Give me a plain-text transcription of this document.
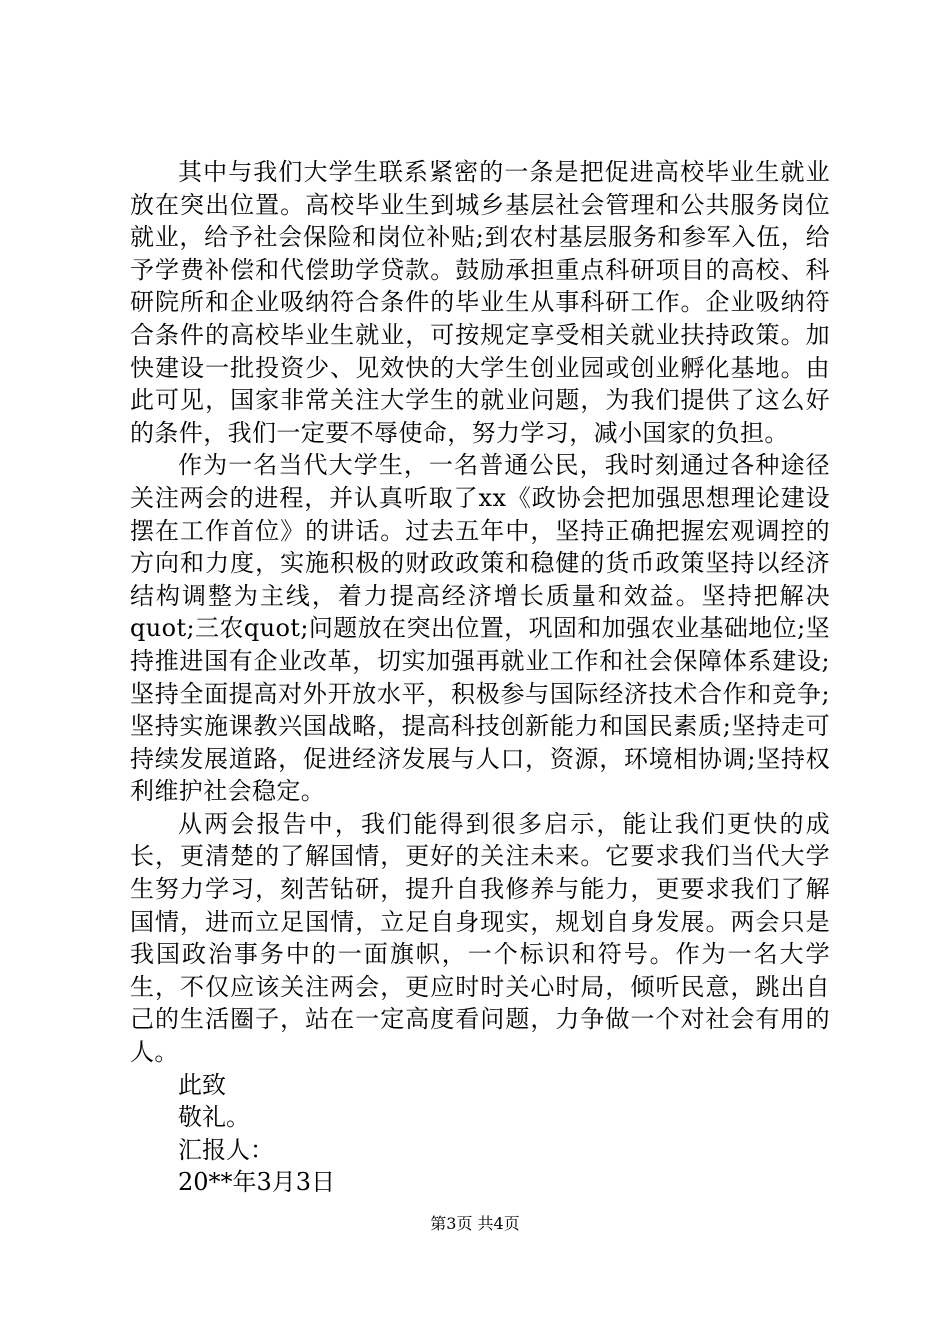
其中与我们大学生联系紧密的一条是把促进高校毕业生就业放在突出位置。高校毕业生到城乡基层社会管理和公共服务岗位就业，给予社会保险和岗位补贴;到农村基层服务和参军入伍，给予学费补偿和代偿助学贷款。鼓励承担重点科研项目的高校、科研院所和企业吸纳符合条件的毕业生从事科研工作。企业吸纳符合条件的高校毕业生就业，可按规定享受相关就业扶持政策。加快建设一批投资少、见效快的大学生创业园或创业孵化基地。由此可见，国家非常关注大学生的就业问题，为我们提供了这么好的条件，我们一定要不辱使命，努力学习，减小国家的负担。

作为一名当代大学生，一名普通公民，我时刻通过各种途径关注两会的进程，并认真听取了xx《政协会把加强思想理论建设摆在工作首位》的讲话。过去五年中，坚持正确把握宏观调控的方向和力度，实施积极的财政政策和稳健的货币政策坚持以经济结构调整为主线，着力提高经济增长质量和效益。坚持把解决quot;三农quot;问题放在突出位置，巩固和加强农业基础地位;坚持推进国有企业改革，切实加强再就业工作和社会保障体系建设;坚持全面提高对外开放水平，积极参与国际经济技术合作和竞争;坚持实施课教兴国战略，提高科技创新能力和国民素质;坚持走可持续发展道路，促进经济发展与人口，资源，环境相协调;坚持权利维护社会稳定。

从两会报告中，我们能得到很多启示，能让我们更快的成长，更清楚的了解国情，更好的关注未来。它要求我们当代大学生努力学习，刻苦钻研，提升自我修养与能力，更要求我们了解国情，进而立足国情，立足自身现实，规划自身发展。两会只是我国政治事务中的一面旗帜，一个标识和符号。作为一名大学生，不仅应该关注两会，更应时时关心时局，倾听民意，跳出自己的生活圈子，站在一定高度看问题，力争做一个对社会有用的人。

此致

敬礼。

汇报人：

20**年3月3日

第3页 共4页
